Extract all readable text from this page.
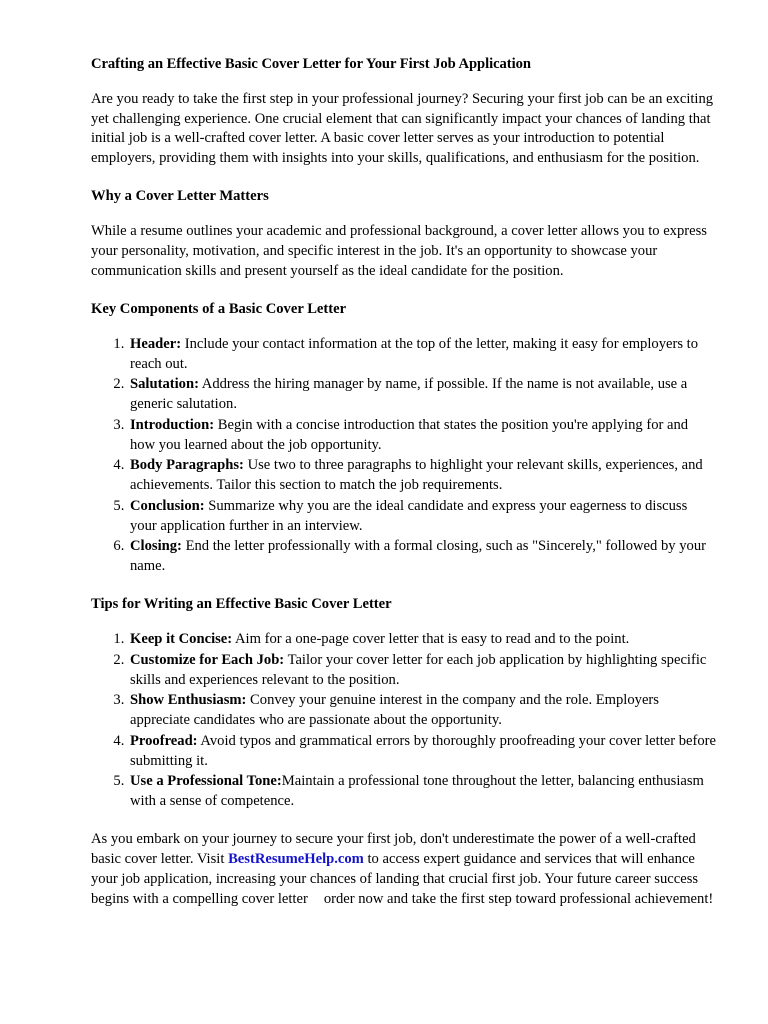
Crafting an Effective Basic Cover Letter for Your First Job Application

Are you ready to take the first step in your professional journey? Securing your first job can be an exciting yet challenging experience. One crucial element that can significantly impact your chances of landing that initial job is a well-crafted cover letter. A basic cover letter serves as your introduction to potential employers, providing them with insights into your skills, qualifications, and enthusiasm for the position.

Why a Cover Letter Matters

While a resume outlines your academic and professional background, a cover letter allows you to express your personality, motivation, and specific interest in the job. It's an opportunity to showcase your communication skills and present yourself as the ideal candidate for the position.

Key Components of a Basic Cover Letter
1. Header: Include your contact information at the top of the letter, making it easy for employers to reach out.
2. Salutation: Address the hiring manager by name, if possible. If the name is not available, use a generic salutation.
3. Introduction: Begin with a concise introduction that states the position you're applying for and how you learned about the job opportunity.
4. Body Paragraphs: Use two to three paragraphs to highlight your relevant skills, experiences, and achievements. Tailor this section to match the job requirements.
5. Conclusion: Summarize why you are the ideal candidate and express your eagerness to discuss your application further in an interview.
6. Closing: End the letter professionally with a formal closing, such as "Sincerely," followed by your name.
Tips for Writing an Effective Basic Cover Letter
1. Keep it Concise: Aim for a one-page cover letter that is easy to read and to the point.
2. Customize for Each Job: Tailor your cover letter for each job application by highlighting specific skills and experiences relevant to the position.
3. Show Enthusiasm: Convey your genuine interest in the company and the role. Employers appreciate candidates who are passionate about the opportunity.
4. Proofread: Avoid typos and grammatical errors by thoroughly proofreading your cover letter before submitting it.
5. Use a Professional Tone:Maintain a professional tone throughout the letter, balancing enthusiasm with a sense of competence.

As you embark on your journey to secure your first job, don't underestimate the power of a well-crafted basic cover letter. Visit BestResumeHelp.com to access expert guidance and services that will enhance your job application, increasing your chances of landing that crucial first job. Your future career success begins with a compelling cover letter order now and take the first step toward professional achievement!
